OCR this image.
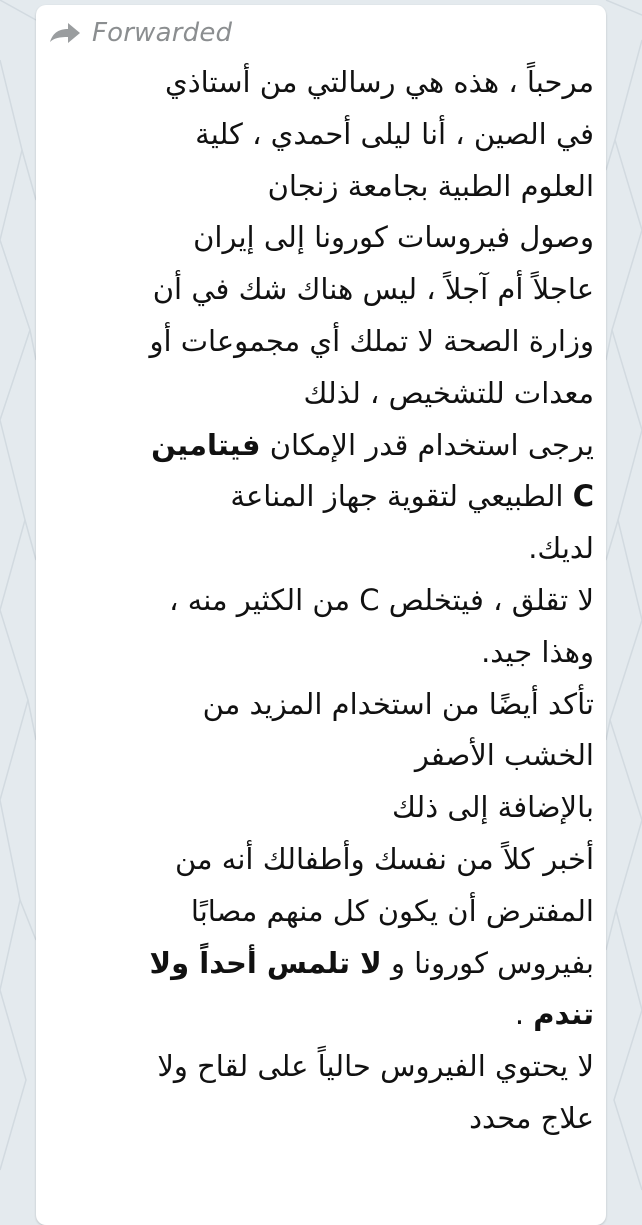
Forwarded
مرحباً ، هذه هي رسالتي من أستاذي
في الصين ، أنا ليلى أحمدي ، كلية
العلوم الطبية بجامعة زنجان
وصول فيروسات كورونا إلى إيران
عاجلاً أم آجلاً ، ليس هناك شك في أن
وزارة الصحة لا تملك أي مجموعات أو
معدات للتشخيص ، لذلك
يرجى استخدام قدر الإمكان فيتامين
C الطبيعي لتقوية جهاز المناعة
لديك.
لا تقلق ، فيتخلص C من الكثير منه ،
وهذا جيد.
تأكد أيضًا من استخدام المزيد من
الخشب الأصفر
بالإضافة إلى ذلك
أخبر كلاً من نفسك وأطفالك أنه من
المفترض أن يكون كل منهم مصابًا
بفيروس كورونا و لا تلمس أحداً ولا
تندم .
لا يحتوي الفيروس حالياً على لقاح ولا
علاج محدد
